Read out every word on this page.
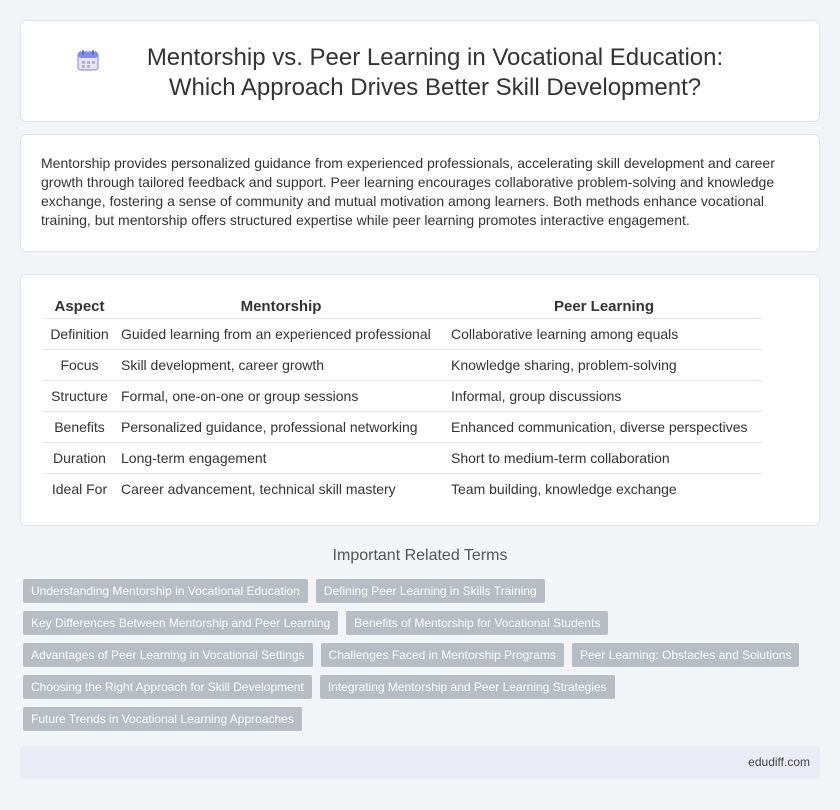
Mentorship vs. Peer Learning in Vocational Education: Which Approach Drives Better Skill Development?

Mentorship provides personalized guidance from experienced professionals, accelerating skill development and career growth through tailored feedback and support. Peer learning encourages collaborative problem-solving and knowledge exchange, fostering a sense of community and mutual motivation among learners. Both methods enhance vocational training, but mentorship offers structured expertise while peer learning promotes interactive engagement.

Aspect	Mentorship	Peer Learning
Definition	Guided learning from an experienced professional	Collaborative learning among equals
Focus	Skill development, career growth	Knowledge sharing, problem-solving
Structure	Formal, one-on-one or group sessions	Informal, group discussions
Benefits	Personalized guidance, professional networking	Enhanced communication, diverse perspectives
Duration	Long-term engagement	Short to medium-term collaboration
Ideal For	Career advancement, technical skill mastery	Team building, knowledge exchange
Important Related Terms
Understanding Mentorship in Vocational Education	Defining Peer Learning in Skills Training
Key Differences Between Mentorship and Peer Learning	Benefits of Mentorship for Vocational Students
Advantages of Peer Learning in Vocational Settings	Challenges Faced in Mentorship Programs	Peer Learning: Obstacles and Solutions
Choosing the Right Approach for Skill Development	Integrating Mentorship and Peer Learning Strategies
Future Trends in Vocational Learning Approaches
edudiff.com
